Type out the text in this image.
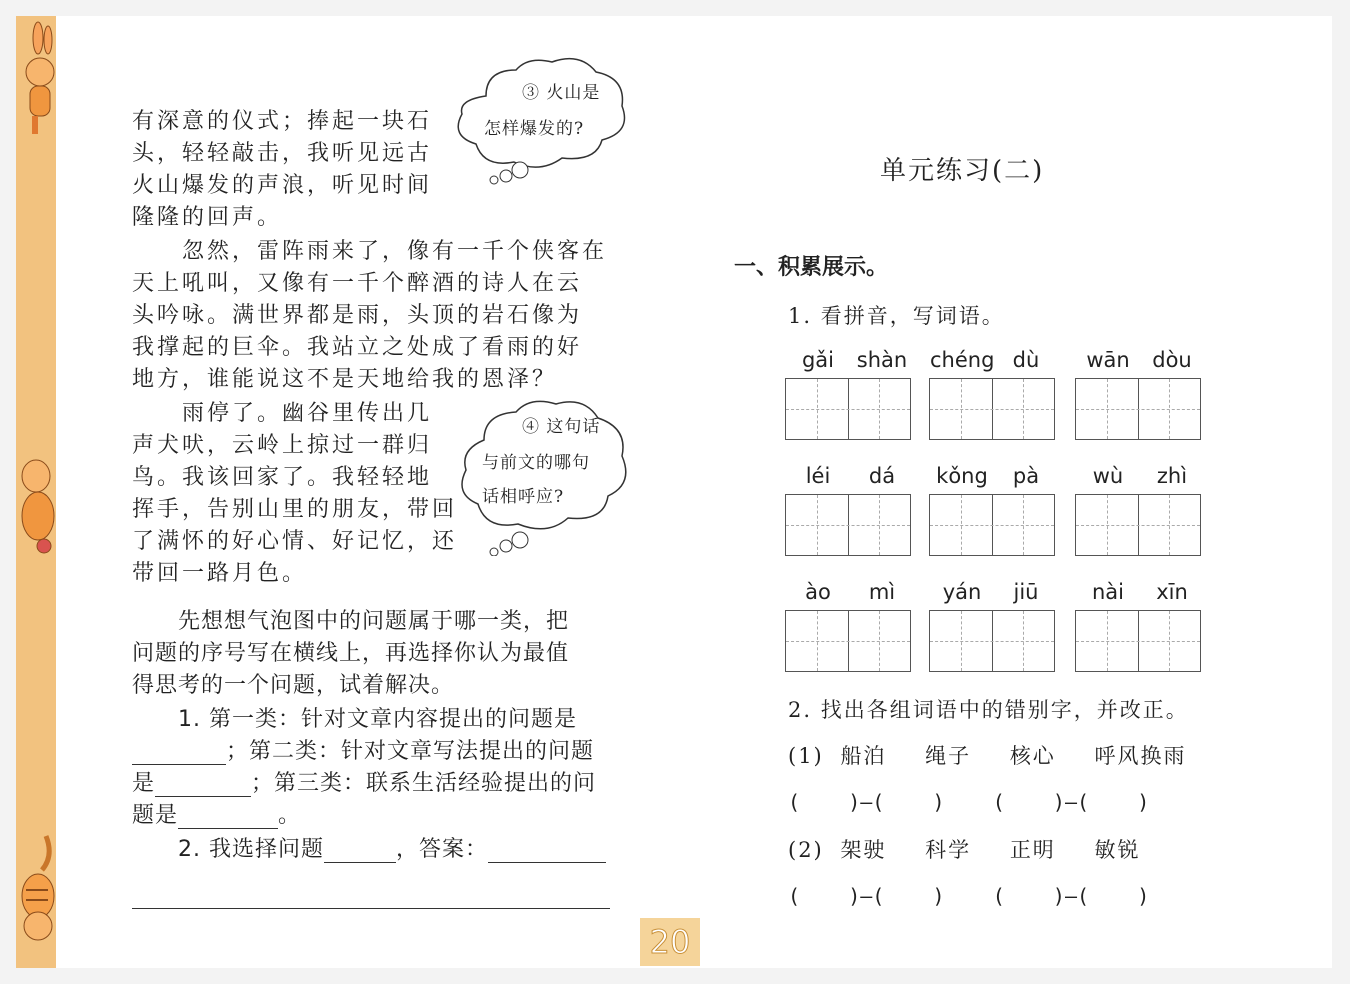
有深意的仪式；捧起一块石
头，轻轻敲击，我听见远古
火山爆发的声浪，听见时间
隆隆的回声。
　　忽然，雷阵雨来了，像有一千个侠客在
天上吼叫，又像有一千个醉酒的诗人在云
头吟咏。满世界都是雨，头顶的岩石像为
我撑起的巨伞。我站立之处成了看雨的好
地方，谁能说这不是天地给我的恩泽？
　　雨停了。幽谷里传出几
声犬吠，云岭上掠过一群归
鸟。我该回家了。我轻轻地
挥手，告别山里的朋友，带回
了满怀的好心情、好记忆，还
带回一路月色。
③ 火山是
怎样爆发的?
④ 这句话
与前文的哪句
话相呼应?
　　先想想气泡图中的问题属于哪一类，把
问题的序号写在横线上，再选择你认为最值
得思考的一个问题，试着解决。
　　1. 第一类：针对文章内容提出的问题是
；第二类：针对文章写法提出的问题
是	；第三类：联系生活经验提出的问
题是	。
　　2. 我选择问题	，答案：
单元练习(二)
一、积累展示。
1. 看拼音，写词语。
gǎi	shàn	chéng dù	wān	dòu
léi	dá	kǒng	pà	wù	zhì
ào	mì	yán	jiū	nài	xīn
2. 找出各组词语中的错别字，并改正。
(1) 船泊 绳子 核心 呼风换雨
(    )—(    )    (    )—(    )
(2) 架驶 科学 正明 敏锐
(    )—(    )    (    )—(    )
20
